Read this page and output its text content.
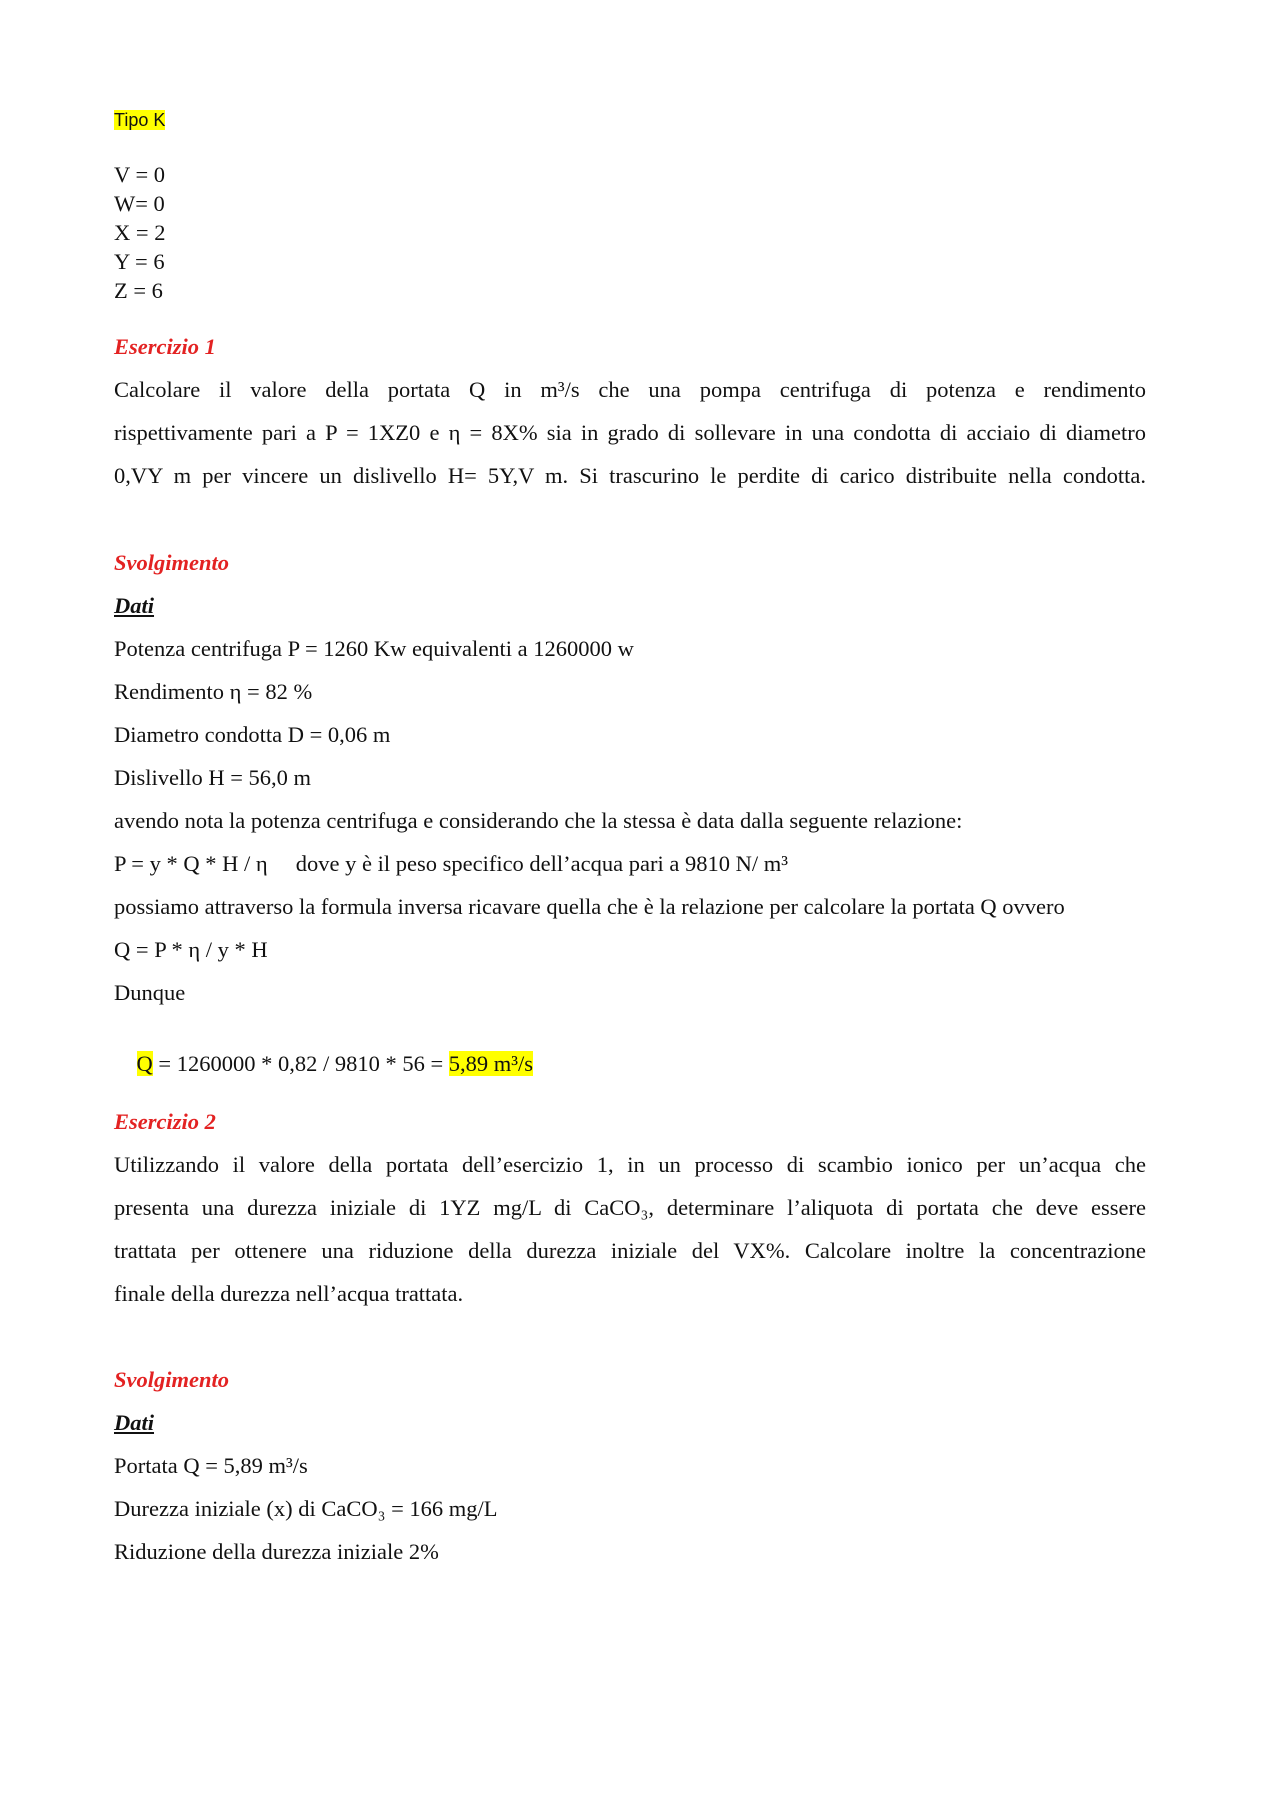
Tipo K
V = 0
W= 0
X = 2
Y = 6
Z = 6
Esercizio 1
Calcolare il valore della portata Q in m³/s che una pompa centrifuga di potenza e rendimento
rispettivamente pari a P = 1XZ0 e η = 8X% sia in grado di sollevare in una condotta di acciaio di diametro
0,VY m per vincere un dislivello H= 5Y,V m. Si trascurino le perdite di carico distribuite nella condotta.
Svolgimento
Dati
Potenza centrifuga P = 1260 Kw equivalenti a 1260000 w
Rendimento η = 82 %
Diametro condotta D = 0,06 m
Dislivello H = 56,0 m
avendo nota la potenza centrifuga e considerando che la stessa è data dalla seguente relazione:
P = y * Q * H / η     dove y è il peso specifico dell’acqua pari a 9810 N/ m³
possiamo attraverso la formula inversa ricavare quella che è la relazione per calcolare la portata Q ovvero
Q = P * η / y * H
Dunque

Q = 1260000 * 0,82 / 9810 * 56 = 5,89 m³/s

Esercizio 2
Utilizzando il valore della portata dell’esercizio 1, in un processo di scambio ionico per un’acqua che
presenta una durezza iniziale di 1YZ mg/L di CaCO₃, determinare l’aliquota di portata che deve essere
trattata per ottenere una riduzione della durezza iniziale del VX%. Calcolare inoltre la concentrazione
finale della durezza nell’acqua trattata.
Svolgimento
Dati
Portata Q = 5,89 m³/s
Durezza iniziale (x) di CaCO₃ = 166 mg/L
Riduzione della durezza iniziale 2%
